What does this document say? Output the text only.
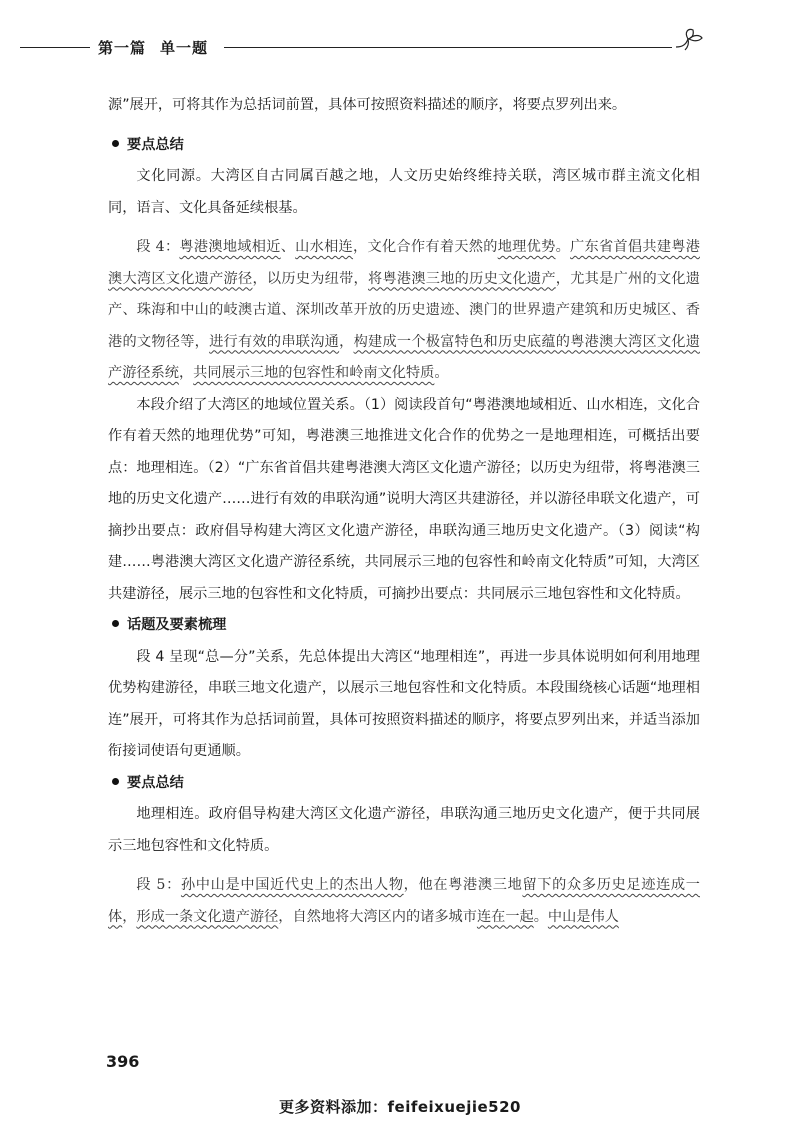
第一篇 单一题

源”展开，可将其作为总括词前置，具体可按照资料描述的顺序，将要点罗列出来。

要点总结

文化同源。大湾区自古同属百越之地，人文历史始终维持关联，湾区城市群主流文化相同，语言、文化具备延续根基。

段 4：粤港澳地域相近、山水相连，文化合作有着天然的地理优势。广东省首倡共建粤港澳大湾区文化遗产游径，以历史为纽带，将粤港澳三地的历史文化遗产，尤其是广州的文化遗产、珠海和中山的岐澳古道、深圳改革开放的历史遗迹、澳门的世界遗产建筑和历史城区、香港的文物径等，进行有效的串联沟通，构建成一个极富特色和历史底蕴的粤港澳大湾区文化遗产游径系统，共同展示三地的包容性和岭南文化特质。

本段介绍了大湾区的地域位置关系。（1）阅读段首句“粤港澳地域相近、山水相连，文化合作有着天然的地理优势”可知，粤港澳三地推进文化合作的优势之一是地理相连，可概括出要点：地理相连。（2）“广东省首倡共建粤港澳大湾区文化遗产游径；以历史为纽带，将粤港澳三地的历史文化遗产……进行有效的串联沟通”说明大湾区共建游径，并以游径串联文化遗产，可摘抄出要点：政府倡导构建大湾区文化遗产游径，串联沟通三地历史文化遗产。（3）阅读“构建……粤港澳大湾区文化遗产游径系统，共同展示三地的包容性和岭南文化特质”可知，大湾区共建游径，展示三地的包容性和文化特质，可摘抄出要点：共同展示三地包容性和文化特质。

话题及要素梳理

段 4 呈现“总—分”关系，先总体提出大湾区“地理相连”，再进一步具体说明如何利用地理优势构建游径，串联三地文化遗产，以展示三地包容性和文化特质。本段围绕核心话题“地理相连”展开，可将其作为总括词前置，具体可按照资料描述的顺序，将要点罗列出来，并适当添加衔接词使语句更通顺。

要点总结

地理相连。政府倡导构建大湾区文化遗产游径，串联沟通三地历史文化遗产，便于共同展示三地包容性和文化特质。

段 5：孙中山是中国近代史上的杰出人物，他在粤港澳三地留下的众多历史足迹连成一体，形成一条文化遗产游径，自然地将大湾区内的诸多城市连在一起。中山是伟人

396
更多资料添加：feifeixuejie520
